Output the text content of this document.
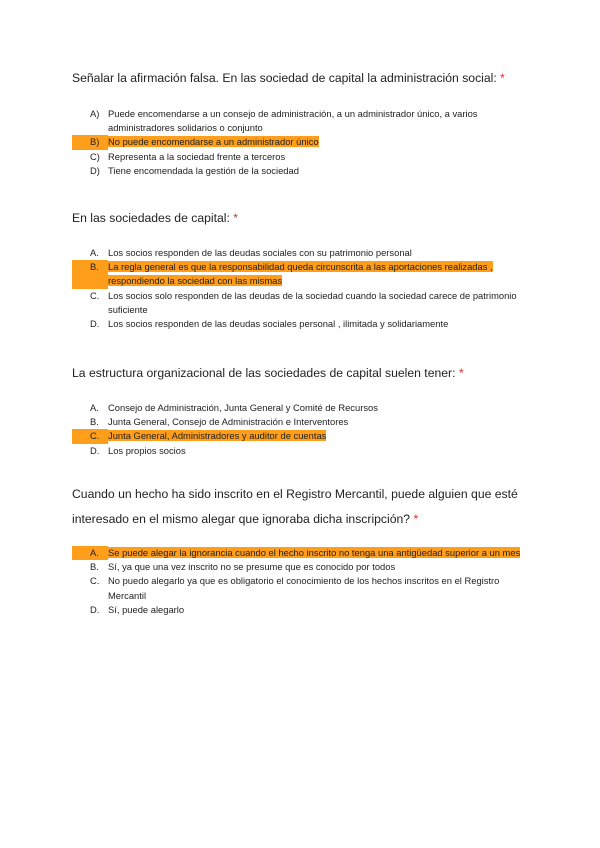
Señalar la afirmación falsa. En las sociedad de capital la administración social: *

A) Puede encomendarse a un consejo de administración, a un administrador único, a varios administradores solidarios o conjunto
B) No puede encomendarse a un administrador único
C) Representa a la sociedad frente a terceros
D) Tiene encomendada la gestión de la sociedad

En las sociedades de capital: *

A. Los socios responden de las deudas sociales con su patrimonio personal
B. La regla general es que la responsabilidad queda circunscrita a las aportaciones realizadas , respondiendo la sociedad con las mismas
C. Los socios solo responden de las deudas de la sociedad cuando la sociedad carece de patrimonio suficiente
D. Los socios responden de las deudas sociales personal , ilimitada y solidariamente

La estructura organizacional de las sociedades de capital suelen tener: *

A. Consejo de Administración, Junta General y Comité de Recursos
B. Junta General, Consejo de Administración e Interventores
C. Junta General, Administradores y auditor de cuentas
D. Los propios socios

Cuando un hecho ha sido inscrito en el Registro Mercantil, puede alguien que esté interesado en el mismo alegar que ignoraba dicha inscripción? *

A. Se puede alegar la ignorancia cuando el hecho inscrito no tenga una antigüedad superior a un mes
B. Sí, ya que una vez inscrito no se presume que es conocido por todos
C. No puedo alegarlo ya que es obligatorio el conocimiento de los hechos inscritos en el Registro Mercantil
D. Sí, puede alegarlo
